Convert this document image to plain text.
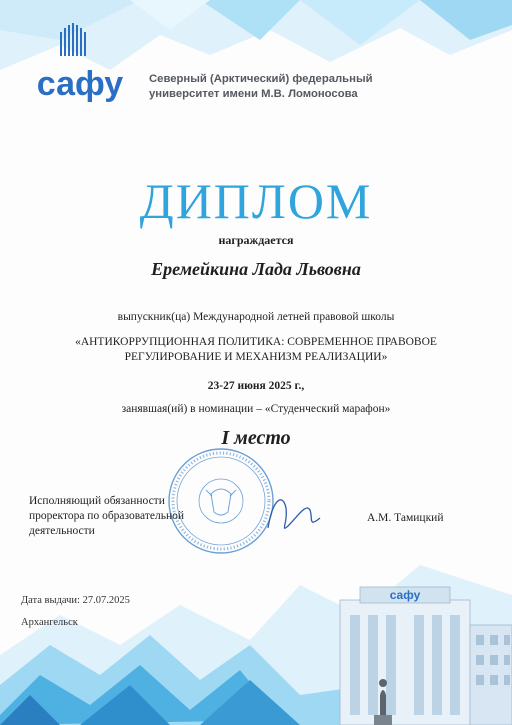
сафу Северный (Арктический) федеральный
университет имени М.В. Ломоносова
ДИПЛОМ
награждается
Еремейкина Лада Львовна
выпускник(ца) Международной летней правовой школы
«АНТИКОРРУПЦИОННАЯ ПОЛИТИКА: СОВРЕМЕННОЕ ПРАВОВОЕ
РЕГУЛИРОВАНИЕ И МЕХАНИЗМ РЕАЛИЗАЦИИ»
23-27 июня 2025 г.,
занявшая(ий) в номинации – «Студенческий марафон»
I место
Исполняющий обязанности
проректора по образовательной
деятельности
А.М. Тамицкий
сафу
Дата выдачи: 27.07.2025
Архангельск
